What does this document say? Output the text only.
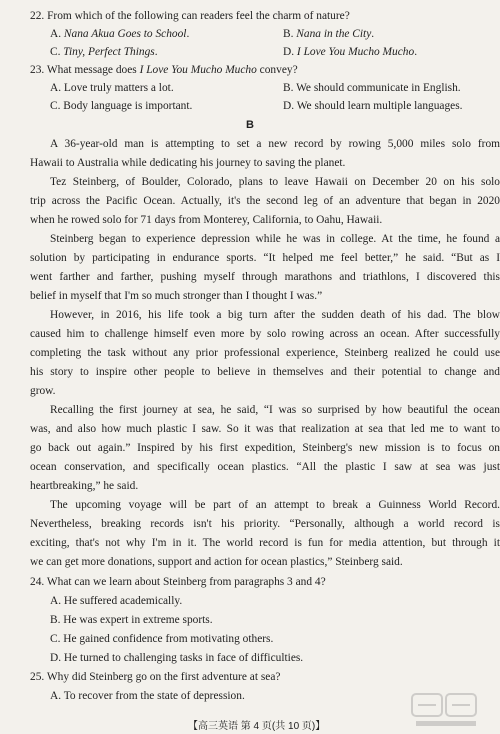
22. From which of the following can readers feel the charm of nature?
A. Nana Akua Goes to School.	B. Nana in the City.
C. Tiny, Perfect Things.	D. I Love You Mucho Mucho.
23. What message does I Love You Mucho Mucho convey?
A. Love truly matters a lot.	B. We should communicate in English.
C. Body language is important.	D. We should learn multiple languages.
B
A 36-year-old man is attempting to set a new record by rowing 5,000 miles solo from
Hawaii to Australia while dedicating his journey to saving the planet.
Tez Steinberg, of Boulder, Colorado, plans to leave Hawaii on December 20 on his solo
trip across the Pacific Ocean. Actually, it's the second leg of an adventure that began in 2020
when he rowed solo for 71 days from Monterey, California, to Oahu, Hawaii.
Steinberg began to experience depression while he was in college. At the time, he found a
solution by participating in endurance sports. “It helped me feel better,” he said. “But as I
went farther and farther, pushing myself through marathons and triathlons, I discovered this
belief in myself that I'm so much stronger than I thought I was.”
However, in 2016, his life took a big turn after the sudden death of his dad. The blow
caused him to challenge himself even more by solo rowing across an ocean. After successfully
completing the task without any prior professional experience, Steinberg realized he could use
his story to inspire other people to believe in themselves and their potential to change and
grow.
Recalling the first journey at sea, he said, “I was so surprised by how beautiful the ocean
was, and also how much plastic I saw. So it was that realization at sea that led me to want to
go back out again.” Inspired by his first expedition, Steinberg's new mission is to focus on
ocean conservation, and specifically ocean plastics. “All the plastic I saw at sea was just
heartbreaking,” he said.
The upcoming voyage will be part of an attempt to break a Guinness World Record.
Nevertheless, breaking records isn't his priority. “Personally, although a world record is
exciting, that's not why I'm in it. The world record is fun for media attention, but through it
we can get more donations, support and action for ocean plastics,” Steinberg said.
24. What can we learn about Steinberg from paragraphs 3 and 4?
A. He suffered academically.
B. He was expert in extreme sports.
C. He gained confidence from motivating others.
D. He turned to challenging tasks in face of difficulties.
25. Why did Steinberg go on the first adventure at sea?
A. To recover from the state of depression.
【高三英语 第 4 页(共 10 页)】
